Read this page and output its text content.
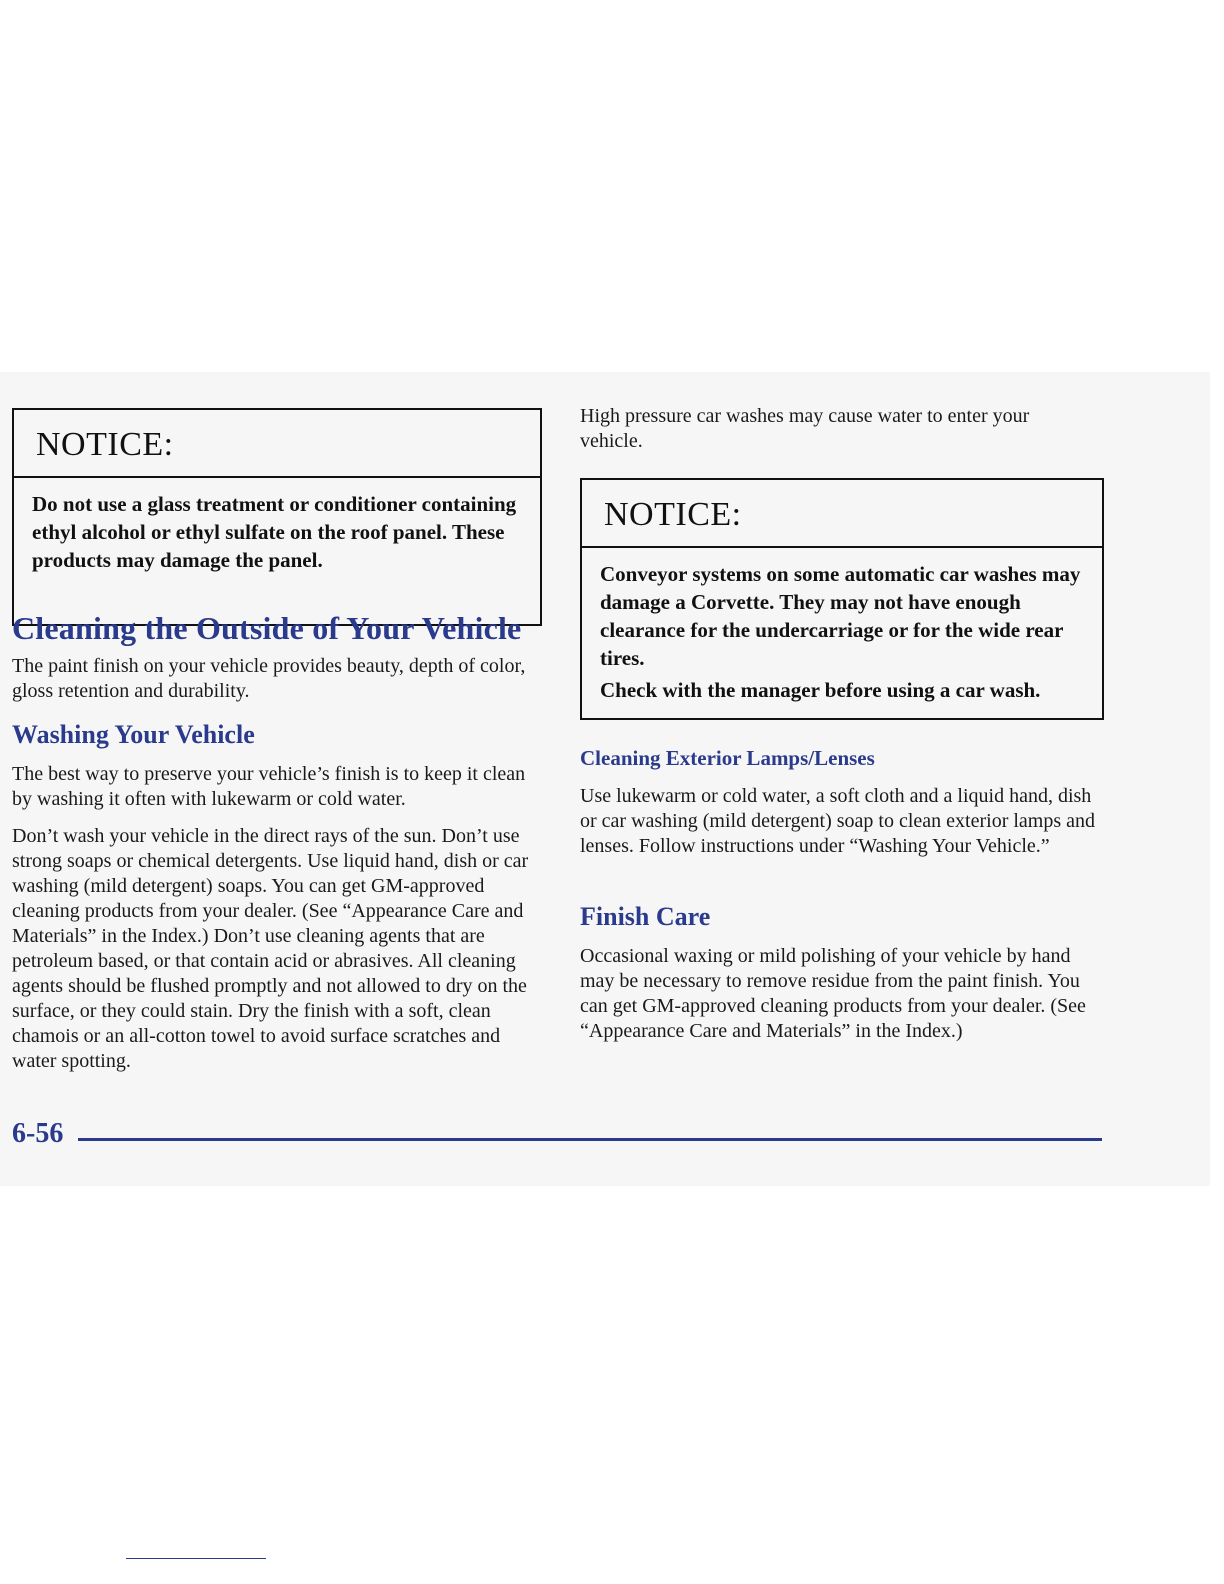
NOTICE:

Do not use a glass treatment or conditioner containing ethyl alcohol or ethyl sulfate on the roof panel. These products may damage the panel.

Cleaning the Outside of Your Vehicle

The paint finish on your vehicle provides beauty, depth of color, gloss retention and durability.

Washing Your Vehicle

The best way to preserve your vehicle’s finish is to keep it clean by washing it often with lukewarm or cold water.

Don’t wash your vehicle in the direct rays of the sun. Don’t use strong soaps or chemical detergents. Use liquid hand, dish or car washing (mild detergent) soaps. You can get GM-approved cleaning products from your dealer. (See “Appearance Care and Materials” in the Index.) Don’t use cleaning agents that are petroleum based, or that contain acid or abrasives. All cleaning agents should be flushed promptly and not allowed to dry on the surface, or they could stain. Dry the finish with a soft, clean chamois or an all-cotton towel to avoid surface scratches and water spotting.

High pressure car washes may cause water to enter your vehicle.

NOTICE:

Conveyor systems on some automatic car washes may damage a Corvette. They may not have enough clearance for the undercarriage or for the wide rear tires.

Check with the manager before using a car wash.

Cleaning Exterior Lamps/Lenses

Use lukewarm or cold water, a soft cloth and a liquid hand, dish or car washing (mild detergent) soap to clean exterior lamps and lenses. Follow instructions under “Washing Your Vehicle.”

Finish Care

Occasional waxing or mild polishing of your vehicle by hand may be necessary to remove residue from the paint finish. You can get GM-approved cleaning products from your dealer. (See “Appearance Care and Materials” in the Index.)

6-56
